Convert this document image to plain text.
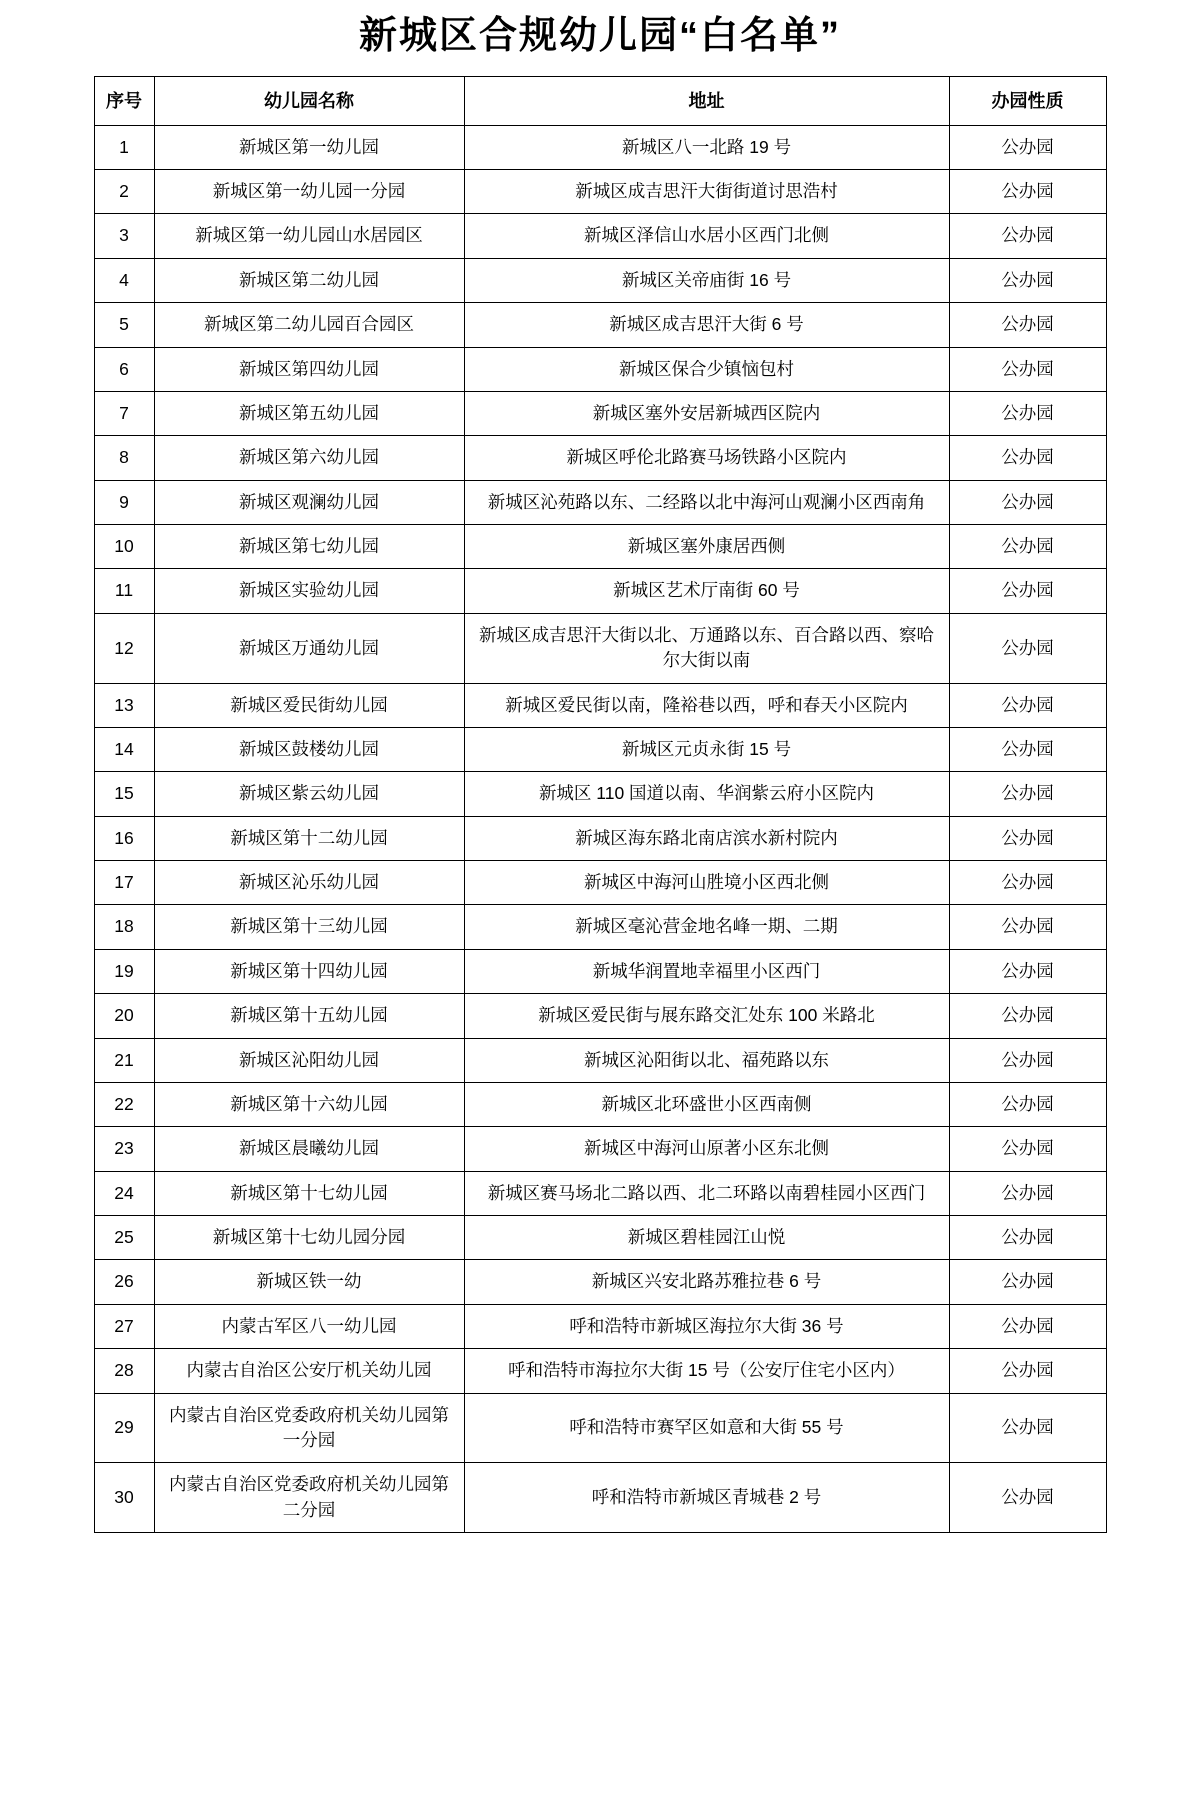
新城区合规幼儿园“白名单”
序号	幼儿园名称	地址	办园性质
1	新城区第一幼儿园	新城区八一北路 19 号	公办园
2	新城区第一幼儿园一分园	新城区成吉思汗大街街道讨思浩村	公办园
3	新城区第一幼儿园山水居园区	新城区泽信山水居小区西门北侧	公办园
4	新城区第二幼儿园	新城区关帝庙街 16 号	公办园
5	新城区第二幼儿园百合园区	新城区成吉思汗大街 6 号	公办园
6	新城区第四幼儿园	新城区保合少镇恼包村	公办园
7	新城区第五幼儿园	新城区塞外安居新城西区院内	公办园
8	新城区第六幼儿园	新城区呼伦北路赛马场铁路小区院内	公办园
9	新城区观澜幼儿园	新城区沁苑路以东、二经路以北中海河山观澜小区西南角	公办园
10	新城区第七幼儿园	新城区塞外康居西侧	公办园
11	新城区实验幼儿园	新城区艺术厅南街 60 号	公办园
12	新城区万通幼儿园	新城区成吉思汗大街以北、万通路以东、百合路以西、察哈尔大街以南	公办园
13	新城区爱民街幼儿园	新城区爱民街以南，隆裕巷以西，呼和春天小区院内	公办园
14	新城区鼓楼幼儿园	新城区元贞永街 15 号	公办园
15	新城区紫云幼儿园	新城区 110 国道以南、华润紫云府小区院内	公办园
16	新城区第十二幼儿园	新城区海东路北南店滨水新村院内	公办园
17	新城区沁乐幼儿园	新城区中海河山胜境小区西北侧	公办园
18	新城区第十三幼儿园	新城区毫沁营金地名峰一期、二期	公办园
19	新城区第十四幼儿园	新城华润置地幸福里小区西门	公办园
20	新城区第十五幼儿园	新城区爱民街与展东路交汇处东 100 米路北	公办园
21	新城区沁阳幼儿园	新城区沁阳街以北、福苑路以东	公办园
22	新城区第十六幼儿园	新城区北环盛世小区西南侧	公办园
23	新城区晨曦幼儿园	新城区中海河山原著小区东北侧	公办园
24	新城区第十七幼儿园	新城区赛马场北二路以西、北二环路以南碧桂园小区西门	公办园
25	新城区第十七幼儿园分园	新城区碧桂园江山悦	公办园
26	新城区铁一幼	新城区兴安北路苏雅拉巷 6 号	公办园
27	内蒙古军区八一幼儿园	呼和浩特市新城区海拉尔大街 36 号	公办园
28	内蒙古自治区公安厅机关幼儿园	呼和浩特市海拉尔大街 15 号（公安厅住宅小区内）	公办园
29	内蒙古自治区党委政府机关幼儿园第一分园	呼和浩特市赛罕区如意和大街 55 号	公办园
30	内蒙古自治区党委政府机关幼儿园第二分园	呼和浩特市新城区青城巷 2 号	公办园
